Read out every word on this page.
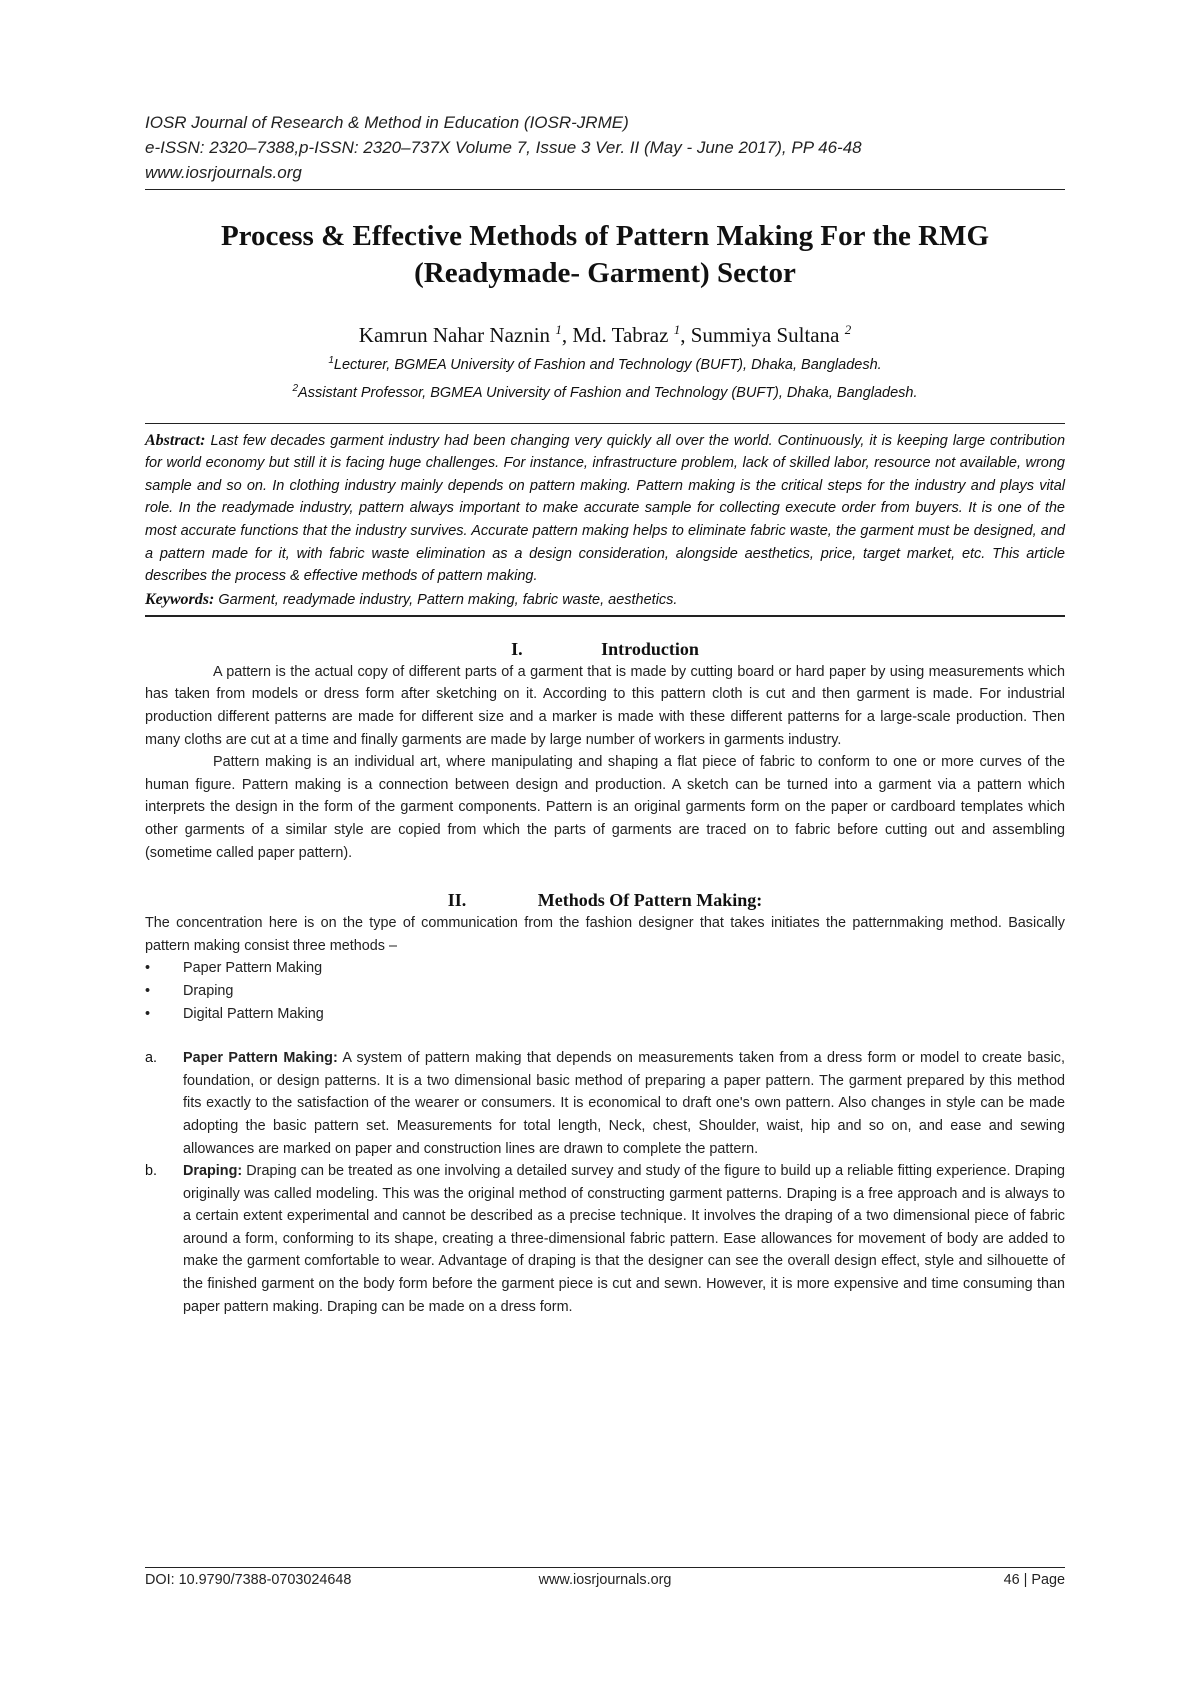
IOSR Journal of Research & Method in Education (IOSR-JRME)
e-ISSN: 2320–7388,p-ISSN: 2320–737X Volume 7, Issue 3 Ver. II (May - June 2017), PP 46-48
www.iosrjournals.org
Process & Effective Methods of Pattern Making For the RMG
(Readymade- Garment) Sector
Kamrun Nahar Naznin $^1$, Md. Tabraz $^1$, Summiya Sultana $^2$
$^1$Lecturer, BGMEA University of Fashion and Technology (BUFT), Dhaka, Bangladesh.
$^2$Assistant Professor, BGMEA University of Fashion and Technology (BUFT), Dhaka, Bangladesh.

Abstract: Last few decades garment industry had been changing very quickly all over the world. Continuously, it is keeping large contribution for world economy but still it is facing huge challenges. For instance, infrastructure problem, lack of skilled labor, resource not available, wrong sample and so on. In clothing industry mainly depends on pattern making. Pattern making is the critical steps for the industry and plays vital role. In the readymade industry, pattern always important to make accurate sample for collecting execute order from buyers. It is one of the most accurate functions that the industry survives. Accurate pattern making helps to eliminate fabric waste, the garment must be designed, and a pattern made for it, with fabric waste elimination as a design consideration, alongside aesthetics, price, target market, etc. This article describes the process & effective methods of pattern making.

Keywords: Garment, readymade industry, Pattern making, fabric waste, aesthetics.

I.	Introduction

A pattern is the actual copy of different parts of a garment that is made by cutting board or hard paper by using measurements which has taken from models or dress form after sketching on it. According to this pattern cloth is cut and then garment is made. For industrial production different patterns are made for different size and a marker is made with these different patterns for a large-scale production. Then many cloths are cut at a time and finally garments are made by large number of workers in garments industry.

Pattern making is an individual art, where manipulating and shaping a flat piece of fabric to conform to one or more curves of the human figure. Pattern making is a connection between design and production. A sketch can be turned into a garment via a pattern which interprets the design in the form of the garment components. Pattern is an original garments form on the paper or cardboard templates which other garments of a similar style are copied from which the parts of garments are traced on to fabric before cutting out and assembling (sometime called paper pattern).

II.	Methods Of Pattern Making:

The concentration here is on the type of communication from the fashion designer that takes initiates the patternmaking method. Basically pattern making consist three methods –

• Paper Pattern Making
• Draping
• Digital Pattern Making
a. Paper Pattern Making: A system of pattern making that depends on measurements taken from a dress form or model to create basic, foundation, or design patterns. It is a two dimensional basic method of preparing a paper pattern. The garment prepared by this method fits exactly to the satisfaction of the wearer or consumers. It is economical to draft one's own pattern. Also changes in style can be made adopting the basic pattern set. Measurements for total length, Neck, chest, Shoulder, waist, hip and so on, and ease and sewing allowances are marked on paper and construction lines are drawn to complete the pattern.

b. Draping: Draping can be treated as one involving a detailed survey and study of the figure to build up a reliable fitting experience. Draping originally was called modeling. This was the original method of constructing garment patterns. Draping is a free approach and is always to a certain extent experimental and cannot be described as a precise technique. It involves the draping of a two dimensional piece of fabric around a form, conforming to its shape, creating a three-dimensional fabric pattern. Ease allowances for movement of body are added to make the garment comfortable to wear. Advantage of draping is that the designer can see the overall design effect, style and silhouette of the finished garment on the body form before the garment piece is cut and sewn. However, it is more expensive and time consuming than paper pattern making. Draping can be made on a dress form.

DOI: 10.9790/7388-0703024648	www.iosrjournals.org	46 | Page
